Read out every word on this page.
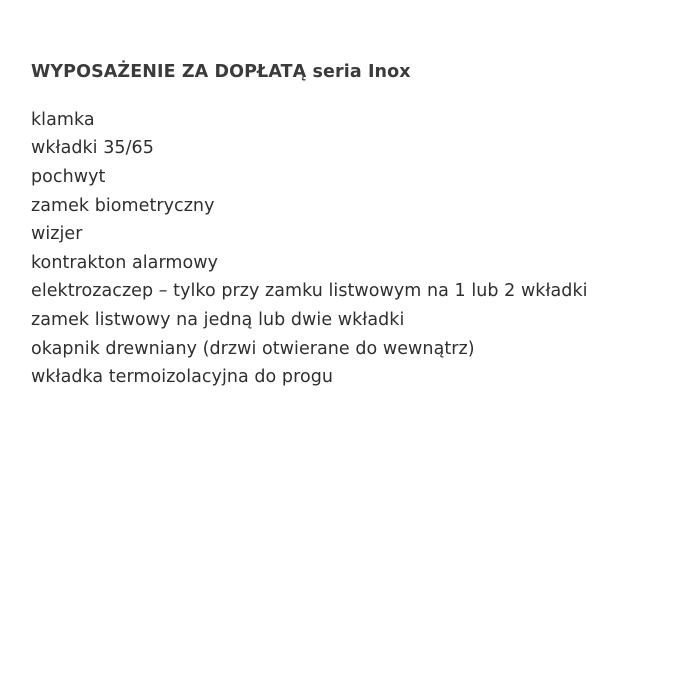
WYPOSAŻENIE ZA DOPŁATĄ seria Inox
klamka
wkładki 35/65
pochwyt
zamek biometryczny
wizjer
kontrakton alarmowy
elektrozaczep – tylko przy zamku listwowym na 1 lub 2 wkładki
zamek listwowy na jedną lub dwie wkładki
okapnik drewniany (drzwi otwierane do wewnątrz)
wkładka termoizolacyjna do progu
